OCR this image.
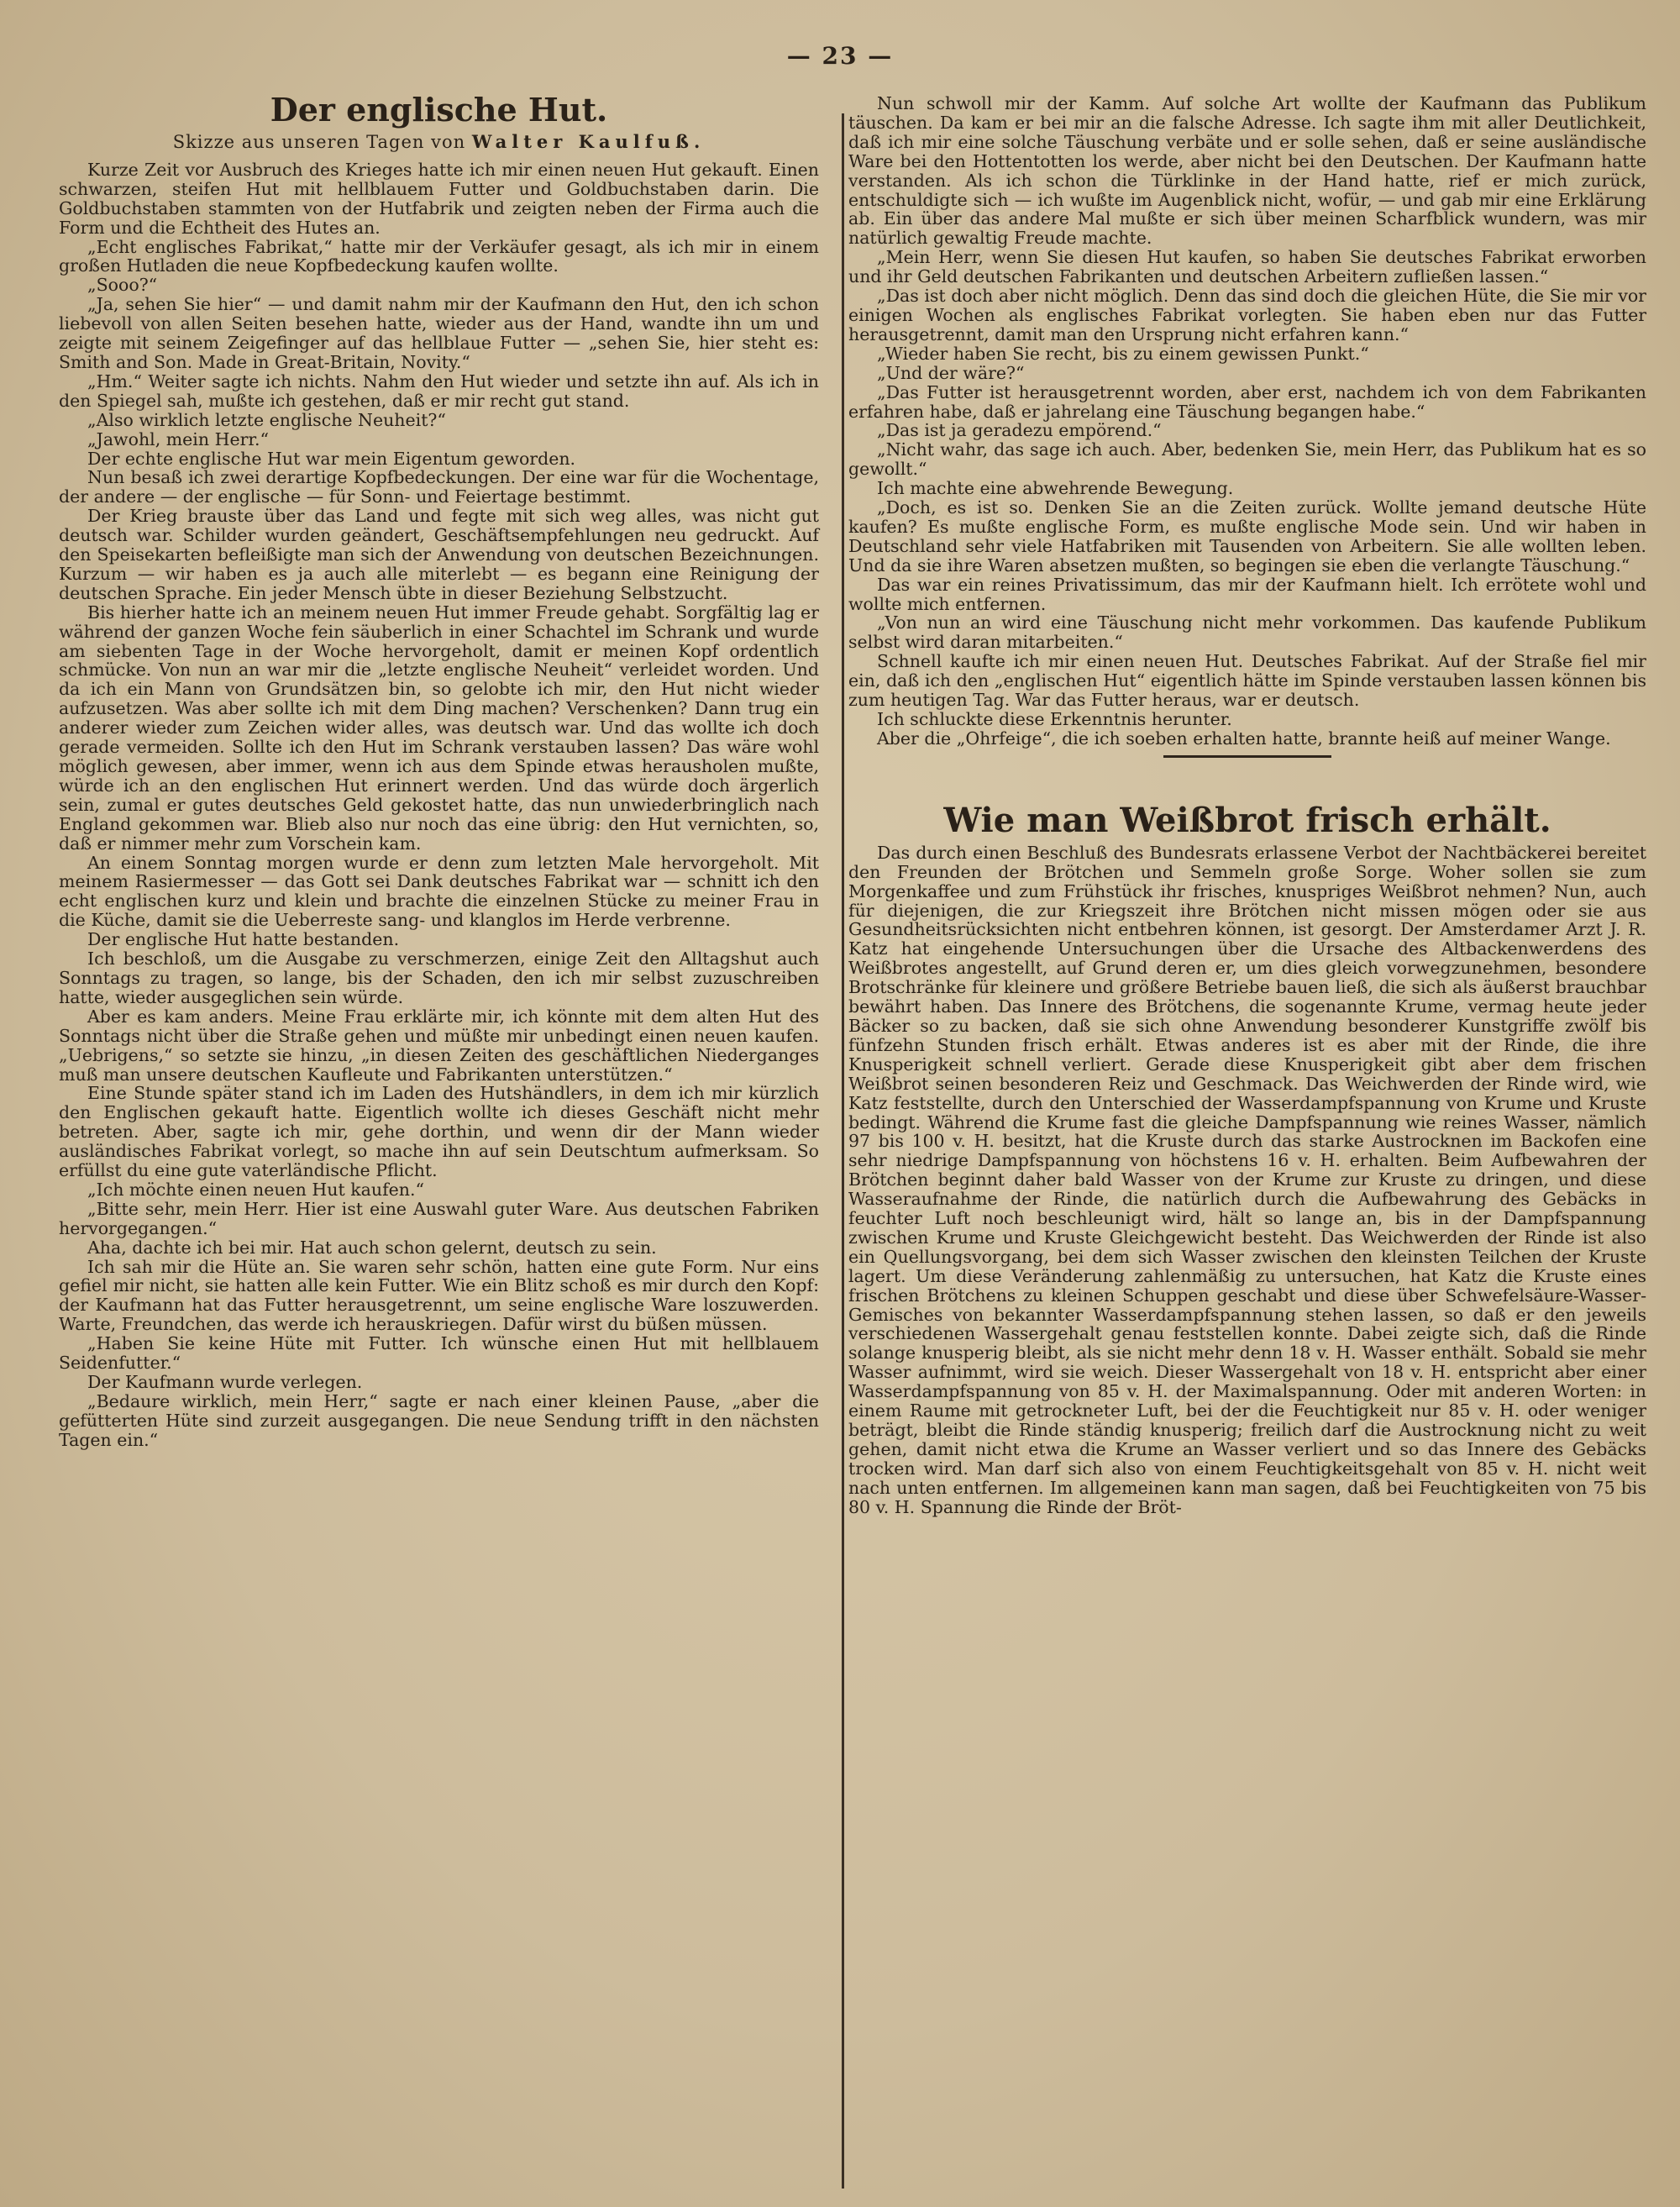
— 23 —
Der englische Hut.
Skizze aus unseren Tagen von Walter Kaulfuß.

Kurze Zeit vor Ausbruch des Krieges hatte ich mir einen neuen Hut gekauft. Einen schwarzen, steifen Hut mit hellblauem Futter und Goldbuchstaben darin. Die Goldbuchstaben stammten von der Hutfabrik und zeigten neben der Firma auch die Form und die Echtheit des Hutes an.

„Echt englisches Fabrikat,“ hatte mir der Verkäufer gesagt, als ich mir in einem großen Hutladen die neue Kopfbedeckung kaufen wollte.

„Sooo?“

„Ja, sehen Sie hier“ — und damit nahm mir der Kaufmann den Hut, den ich schon liebevoll von allen Seiten besehen hatte, wieder aus der Hand, wandte ihn um und zeigte mit seinem Zeigefinger auf das hellblaue Futter — „sehen Sie, hier steht es: Smith and Son. Made in Great-Britain, Novity.“

„Hm.“ Weiter sagte ich nichts. Nahm den Hut wieder und setzte ihn auf. Als ich in den Spiegel sah, mußte ich gestehen, daß er mir recht gut stand.

„Also wirklich letzte englische Neuheit?“

„Jawohl, mein Herr.“

Der echte englische Hut war mein Eigentum geworden.

Nun besaß ich zwei derartige Kopfbedeckungen. Der eine war für die Wochentage, der andere — der englische — für Sonn- und Feiertage bestimmt.

Der Krieg brauste über das Land und fegte mit sich weg alles, was nicht gut deutsch war. Schilder wurden geändert, Geschäftsempfehlungen neu gedruckt. Auf den Speisekarten befleißigte man sich der Anwendung von deutschen Bezeichnungen. Kurzum — wir haben es ja auch alle miterlebt — es begann eine Reinigung der deutschen Sprache. Ein jeder Mensch übte in dieser Beziehung Selbstzucht.

Bis hierher hatte ich an meinem neuen Hut immer Freude gehabt. Sorgfältig lag er während der ganzen Woche fein säuberlich in einer Schachtel im Schrank und wurde am siebenten Tage in der Woche hervorgeholt, damit er meinen Kopf ordentlich schmücke. Von nun an war mir die „letzte englische Neuheit“ verleidet worden. Und da ich ein Mann von Grundsätzen bin, so gelobte ich mir, den Hut nicht wieder aufzusetzen. Was aber sollte ich mit dem Ding machen? Verschenken? Dann trug ein anderer wieder zum Zeichen wider alles, was deutsch war. Und das wollte ich doch gerade vermeiden. Sollte ich den Hut im Schrank verstauben lassen? Das wäre wohl möglich gewesen, aber immer, wenn ich aus dem Spinde etwas herausholen mußte, würde ich an den englischen Hut erinnert werden. Und das würde doch ärgerlich sein, zumal er gutes deutsches Geld gekostet hatte, das nun unwiederbringlich nach England gekommen war. Blieb also nur noch das eine übrig: den Hut vernichten, so, daß er nimmer mehr zum Vorschein kam.

An einem Sonntag morgen wurde er denn zum letzten Male hervorgeholt. Mit meinem Rasiermesser — das Gott sei Dank deutsches Fabrikat war — schnitt ich den echt englischen kurz und klein und brachte die einzelnen Stücke zu meiner Frau in die Küche, damit sie die Ueberreste sang- und klanglos im Herde verbrenne.

Der englische Hut hatte bestanden.

Ich beschloß, um die Ausgabe zu verschmerzen, einige Zeit den Alltagshut auch Sonntags zu tragen, so lange, bis der Schaden, den ich mir selbst zuzuschreiben hatte, wieder ausgeglichen sein würde.

Aber es kam anders. Meine Frau erklärte mir, ich könnte mit dem alten Hut des Sonntags nicht über die Straße gehen und müßte mir unbedingt einen neuen kaufen. „Uebrigens,“ so setzte sie hinzu, „in diesen Zeiten des geschäftlichen Niederganges muß man unsere deutschen Kaufleute und Fabrikanten unterstützen.“

Eine Stunde später stand ich im Laden des Hutshändlers, in dem ich mir kürzlich den Englischen gekauft hatte. Eigentlich wollte ich dieses Geschäft nicht mehr betreten. Aber, sagte ich mir, gehe dorthin, und wenn dir der Mann wieder ausländisches Fabrikat vorlegt, so mache ihn auf sein Deutschtum aufmerksam. So erfüllst du eine gute vaterländische Pflicht.

„Ich möchte einen neuen Hut kaufen.“

„Bitte sehr, mein Herr. Hier ist eine Auswahl guter Ware. Aus deutschen Fabriken hervorgegangen.“

Aha, dachte ich bei mir. Hat auch schon gelernt, deutsch zu sein.

Ich sah mir die Hüte an. Sie waren sehr schön, hatten eine gute Form. Nur eins gefiel mir nicht, sie hatten alle kein Futter. Wie ein Blitz schoß es mir durch den Kopf: der Kaufmann hat das Futter herausgetrennt, um seine englische Ware loszuwerden. Warte, Freundchen, das werde ich herauskriegen. Dafür wirst du büßen müssen.

„Haben Sie keine Hüte mit Futter. Ich wünsche einen Hut mit hellblauem Seidenfutter.“

Der Kaufmann wurde verlegen.

„Bedaure wirklich, mein Herr,“ sagte er nach einer kleinen Pause, „aber die gefütterten Hüte sind zurzeit ausgegangen. Die neue Sendung trifft in den nächsten Tagen ein.“

Nun schwoll mir der Kamm. Auf solche Art wollte der Kaufmann das Publikum täuschen. Da kam er bei mir an die falsche Adresse. Ich sagte ihm mit aller Deutlichkeit, daß ich mir eine solche Täuschung verbäte und er solle sehen, daß er seine ausländische Ware bei den Hottentotten los werde, aber nicht bei den Deutschen. Der Kaufmann hatte verstanden. Als ich schon die Türklinke in der Hand hatte, rief er mich zurück, entschuldigte sich — ich wußte im Augenblick nicht, wofür, — und gab mir eine Erklärung ab. Ein über das andere Mal mußte er sich über meinen Scharfblick wundern, was mir natürlich gewaltig Freude machte.

„Mein Herr, wenn Sie diesen Hut kaufen, so haben Sie deutsches Fabrikat erworben und ihr Geld deutschen Fabrikanten und deutschen Arbeitern zufließen lassen.“

„Das ist doch aber nicht möglich. Denn das sind doch die gleichen Hüte, die Sie mir vor einigen Wochen als englisches Fabrikat vorlegten. Sie haben eben nur das Futter herausgetrennt, damit man den Ursprung nicht erfahren kann.“

„Wieder haben Sie recht, bis zu einem gewissen Punkt.“

„Und der wäre?“

„Das Futter ist herausgetrennt worden, aber erst, nachdem ich von dem Fabrikanten erfahren habe, daß er jahrelang eine Täuschung begangen habe.“

„Das ist ja geradezu empörend.“

„Nicht wahr, das sage ich auch. Aber, bedenken Sie, mein Herr, das Publikum hat es so gewollt.“

Ich machte eine abwehrende Bewegung.

„Doch, es ist so. Denken Sie an die Zeiten zurück. Wollte jemand deutsche Hüte kaufen? Es mußte englische Form, es mußte englische Mode sein. Und wir haben in Deutschland sehr viele Hatfabriken mit Tausenden von Arbeitern. Sie alle wollten leben. Und da sie ihre Waren absetzen mußten, so begingen sie eben die verlangte Täuschung.“

Das war ein reines Privatissimum, das mir der Kaufmann hielt. Ich errötete wohl und wollte mich entfernen.

„Von nun an wird eine Täuschung nicht mehr vorkommen. Das kaufende Publikum selbst wird daran mitarbeiten.“

Schnell kaufte ich mir einen neuen Hut. Deutsches Fabrikat. Auf der Straße fiel mir ein, daß ich den „englischen Hut“ eigentlich hätte im Spinde verstauben lassen können bis zum heutigen Tag. War das Futter heraus, war er deutsch.

Ich schluckte diese Erkenntnis herunter.

Aber die „Ohrfeige“, die ich soeben erhalten hatte, brannte heiß auf meiner Wange.

Wie man Weißbrot frisch erhält.

Das durch einen Beschluß des Bundesrats erlassene Verbot der Nachtbäckerei bereitet den Freunden der Brötchen und Semmeln große Sorge. Woher sollen sie zum Morgenkaffee und zum Frühstück ihr frisches, knuspriges Weißbrot nehmen? Nun, auch für diejenigen, die zur Kriegszeit ihre Brötchen nicht missen mögen oder sie aus Gesundheitsrücksichten nicht entbehren können, ist gesorgt. Der Amsterdamer Arzt J. R. Katz hat eingehende Untersuchungen über die Ursache des Altbackenwerdens des Weißbrotes angestellt, auf Grund deren er, um dies gleich vorwegzunehmen, besondere Brotschränke für kleinere und größere Betriebe bauen ließ, die sich als äußerst brauchbar bewährt haben. Das Innere des Brötchens, die sogenannte Krume, vermag heute jeder Bäcker so zu backen, daß sie sich ohne Anwendung besonderer Kunstgriffe zwölf bis fünfzehn Stunden frisch erhält. Etwas anderes ist es aber mit der Rinde, die ihre Knusperigkeit schnell verliert. Gerade diese Knusperigkeit gibt aber dem frischen Weißbrot seinen besonderen Reiz und Geschmack. Das Weichwerden der Rinde wird, wie Katz feststellte, durch den Unterschied der Wasserdampfspannung von Krume und Kruste bedingt. Während die Krume fast die gleiche Dampfspannung wie reines Wasser, nämlich 97 bis 100 v. H. besitzt, hat die Kruste durch das starke Austrocknen im Backofen eine sehr niedrige Dampfspannung von höchstens 16 v. H. erhalten. Beim Aufbewahren der Brötchen beginnt daher bald Wasser von der Krume zur Kruste zu dringen, und diese Wasseraufnahme der Rinde, die natürlich durch die Aufbewahrung des Gebäcks in feuchter Luft noch beschleunigt wird, hält so lange an, bis in der Dampfspannung zwischen Krume und Kruste Gleichgewicht besteht. Das Weichwerden der Rinde ist also ein Quellungsvorgang, bei dem sich Wasser zwischen den kleinsten Teilchen der Kruste lagert. Um diese Veränderung zahlenmäßig zu untersuchen, hat Katz die Kruste eines frischen Brötchens zu kleinen Schuppen geschabt und diese über Schwefelsäure-Wasser-Gemisches von bekannter Wasserdampfspannung stehen lassen, so daß er den jeweils verschiedenen Wassergehalt genau feststellen konnte. Dabei zeigte sich, daß die Rinde solange knusperig bleibt, als sie nicht mehr denn 18 v. H. Wasser enthält. Sobald sie mehr Wasser aufnimmt, wird sie weich. Dieser Wassergehalt von 18 v. H. entspricht aber einer Wasserdampfspannung von 85 v. H. der Maximalspannung. Oder mit anderen Worten: in einem Raume mit getrockneter Luft, bei der die Feuchtigkeit nur 85 v. H. oder weniger beträgt, bleibt die Rinde ständig knusperig; freilich darf die Austrocknung nicht zu weit gehen, damit nicht etwa die Krume an Wasser verliert und so das Innere des Gebäcks trocken wird. Man darf sich also von einem Feuchtigkeitsgehalt von 85 v. H. nicht weit nach unten entfernen. Im allgemeinen kann man sagen, daß bei Feuchtigkeiten von 75 bis 80 v. H. Spannung die Rinde der Bröt-
